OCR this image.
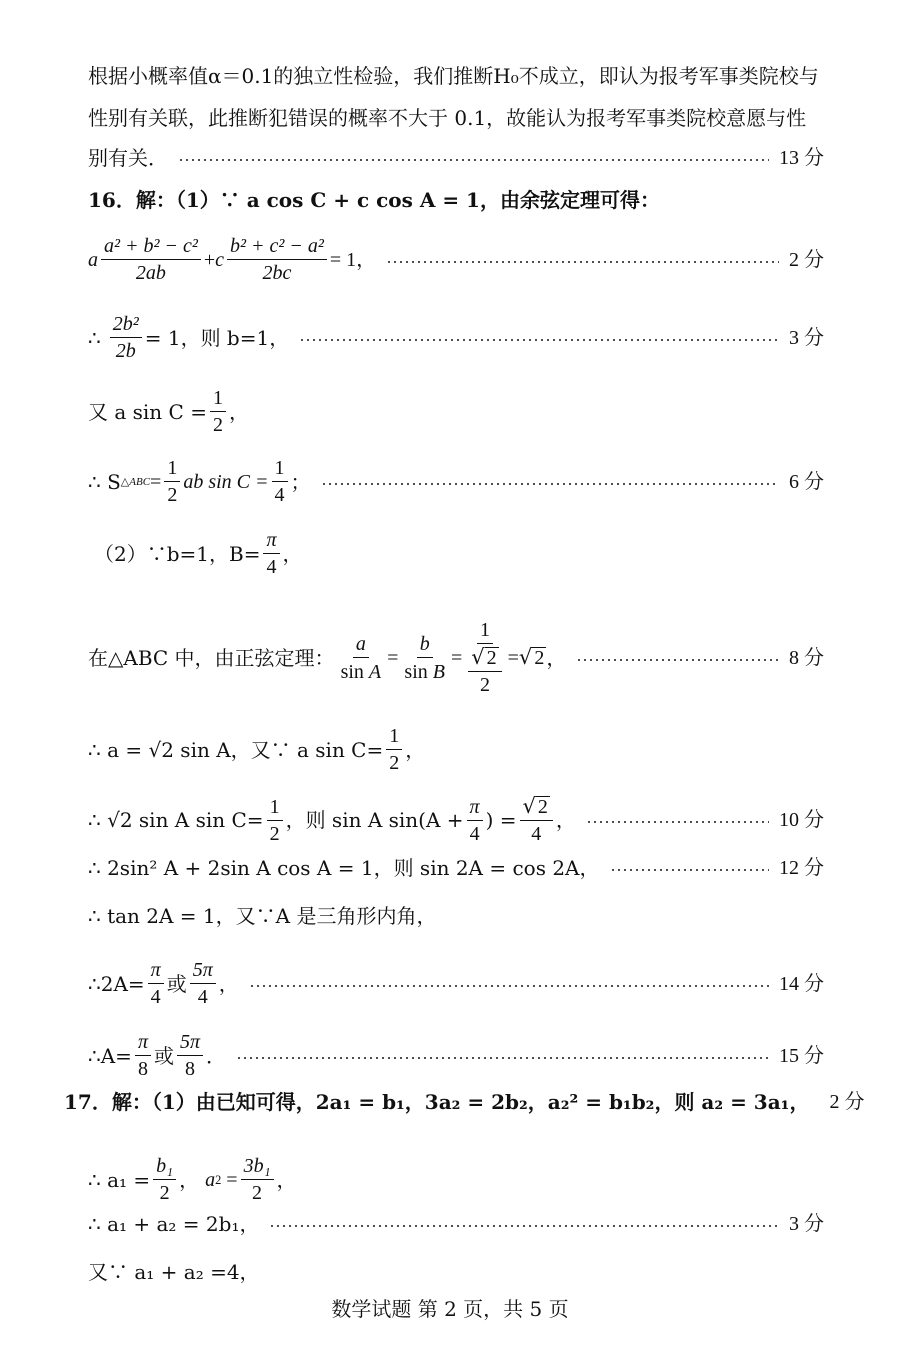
根据小概率值α＝0.1的独立性检验，我们推断H₀不成立，即认为报考军事类院校与
性别有关联，此推断犯错误的概率不大于 0.1，故能认为报考军事类院校意愿与性
别有关．	13 分
16．解：（1）∵ a cos C + c cos A = 1，由余弦定理可得：
a $\frac{\text{a² + b² − c²}}{2ab} + c \frac{\text{b² + c² − a²}}{2bc} = 1$，	2 分
∴ $\frac{\text{2b²}}{2b} = 1$，则 b=1，	3 分
又 a $\sin C = \frac{1}{2}$ ，
∴ S △ABC = $\frac{1}{2}$ ab $\sin C = \frac{1}{4}$ ；	6 分
（2）∵b=1，$B= \frac{\pi}{4}$ ，
在△ABC 中，由正弦定理： $\frac{a}{\text{sin A}} = \frac{b}{\text{sin B}} = \frac{1}{\frac{√ 2}{2}}$ = √ 2 ，	8 分
∴ a = √2 sin A，又∵ a $\sin C= \frac{1}{2}$ ，
∴ √2 sin A $\sin C= \frac{1}{2}$ ，则 sin A $\sin(A + \frac{\pi}{4}$ ) = $\frac{√ 2}{4}$ ，	10 分
∴ 2sin² A + 2sin A cos A = 1，则 sin 2A = cos 2A，	12 分
∴ tan 2A = 1，又∵A 是三角形内角，
∴2A= $\frac{\pi}{4}$ 或 $\frac{5\pi}{4}$ ，	14 分
∴A= $\frac{\pi}{8}$ 或 $\frac{5\pi}{8}$ ．	15 分
17．解：（1）由已知可得，2a₁ = b₁，3a₂ = 2b₂，a₂² = b₁b₂，则 a₂ = 3a₁， 2 分
∴ $a_1 = \frac{\text{b₁}}{2}$ ， a $2 = \frac{\text{3b₁}}{2}$ ，
∴ a₁ + a₂ = 2b₁，	3 分
又∵ a₁ + a₂ =4，
数学试题 第 2 页，共 5 页
